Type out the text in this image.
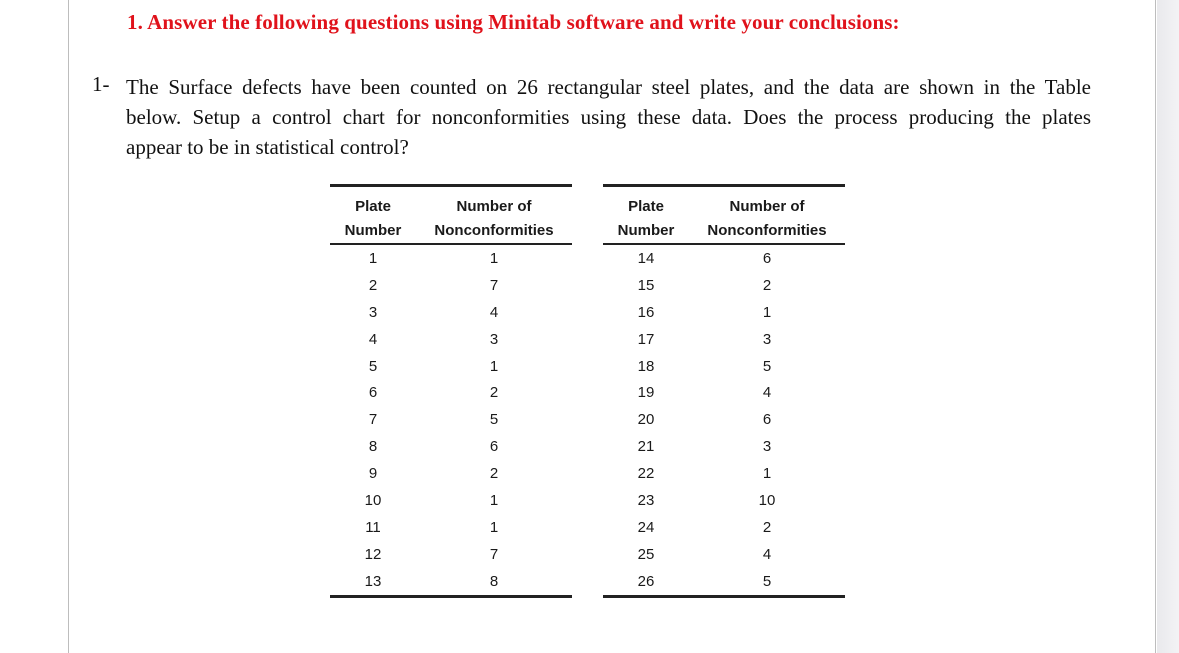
1. Answer the following questions using Minitab software and write your conclusions:
1- The Surface defects have been counted on 26 rectangular steel plates, and the data are shown in the Table
below. Setup a control chart for nonconformities using these data. Does the process producing the plates
appear to be in statistical control?
Plate	Number of
Number	Nonconformities
1	1
2	7
3	4
4	3
5	1
6	2
7	5
8	6
9	2
10	1
11	1
12	7
13	8
Plate	Number of
Number	Nonconformities
14	6
15	2
16	1
17	3
18	5
19	4
20	6
21	3
22	1
23	10
24	2
25	4
26	5
